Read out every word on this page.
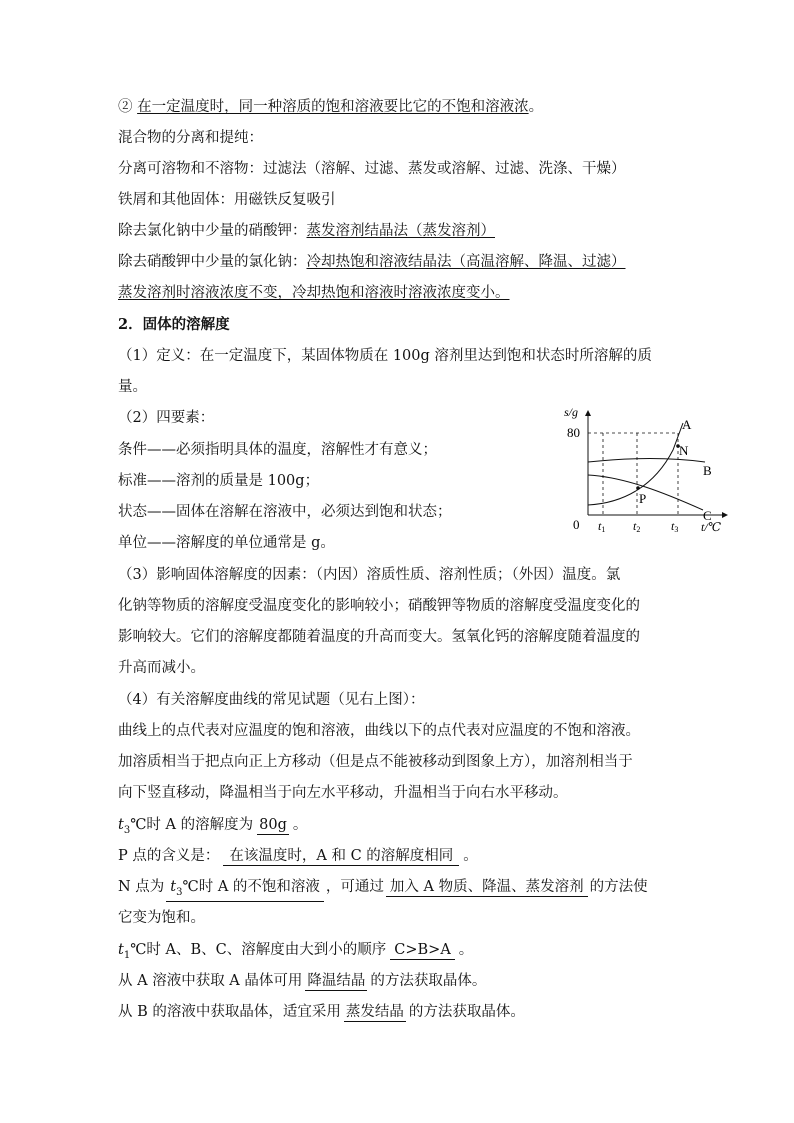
② 在一定温度时，同一种溶质的饱和溶液要比它的不饱和溶液浓。
混合物的分离和提纯：
分离可溶物和不溶物：过滤法（溶解、过滤、蒸发或溶解、过滤、洗涤、干燥）
铁屑和其他固体：用磁铁反复吸引
除去氯化钠中少量的硝酸钾：蒸发溶剂结晶法（蒸发溶剂）
除去硝酸钾中少量的氯化钠：冷却热饱和溶液结晶法（高温溶解、降温、过滤）
蒸发溶剂时溶液浓度不变，冷却热饱和溶液时溶液浓度变小。
2．固体的溶解度
（1）定义：在一定温度下，某固体物质在 100g 溶剂里达到饱和状态时所溶解的质
量。
（2）四要素：
条件——必须指明具体的温度，溶解性才有意义；
标准——溶剂的质量是 100g；
状态——固体在溶解在溶液中，必须达到饱和状态；
单位——溶解度的单位通常是 g。
（3）影响固体溶解度的因素：（内因）溶质性质、溶剂性质；（外因）温度。氯
化钠等物质的溶解度受温度变化的影响较小；硝酸钾等物质的溶解度受温度变化的
影响较大。它们的溶解度都随着温度的升高而变大。氢氧化钙的溶解度随着温度的
升高而减小。
（4）有关溶解度曲线的常见试题（见右上图）：
曲线上的点代表对应温度的饱和溶液，曲线以下的点代表对应温度的不饱和溶液。
加溶质相当于把点向正上方移动（但是点不能被移动到图象上方），加溶剂相当于
向下竖直移动，降温相当于向左水平移动，升温相当于向右水平移动。
$t_3℃$时 A 的溶解度为 80g 。
P 点的含义是： 在该温度时，A 和 C 的溶解度相同 。
N 点为 $t_3℃$时 A 的不饱和溶液 ，可通过 加入 A 物质、降温、蒸发溶剂 的方法使
它变为饱和。
$t_1℃$时 A、B、C、溶解度由大到小的顺序 C>B>A 。
从 A 溶液中获取 A 晶体可用 降温结晶 的方法获取晶体。
从 B 的溶液中获取晶体，适宜采用 蒸发结晶 的方法获取晶体。
s/g
80
0 t1 t2	t3 t/℃
A
B
C
N
P
